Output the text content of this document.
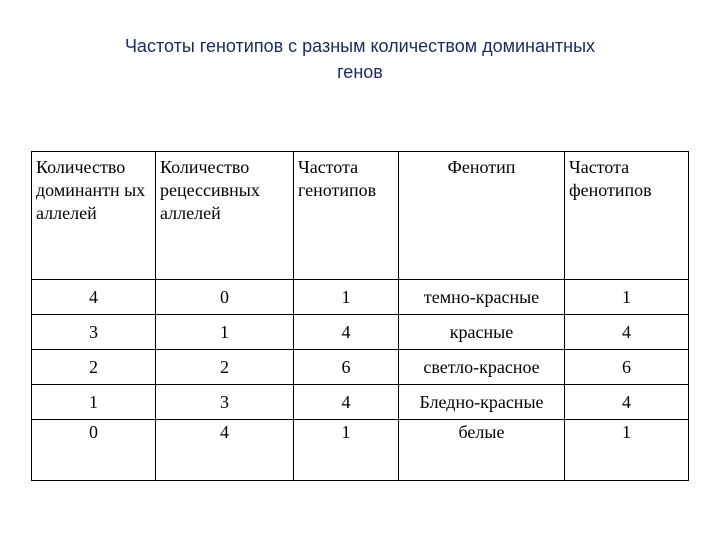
Частоты генотипов с разным количеством доминантных
генов
Количество доминантн ых аллелей	Количество рецессивных аллелей	Частота генотипов	Фенотип	Частота фенотипов
4	0	1	темно-красные	1
3	1	4	красные	4
2	2	6	светло-красное	6
1	3	4	Бледно-красные	4
0	4	1	белые	1
